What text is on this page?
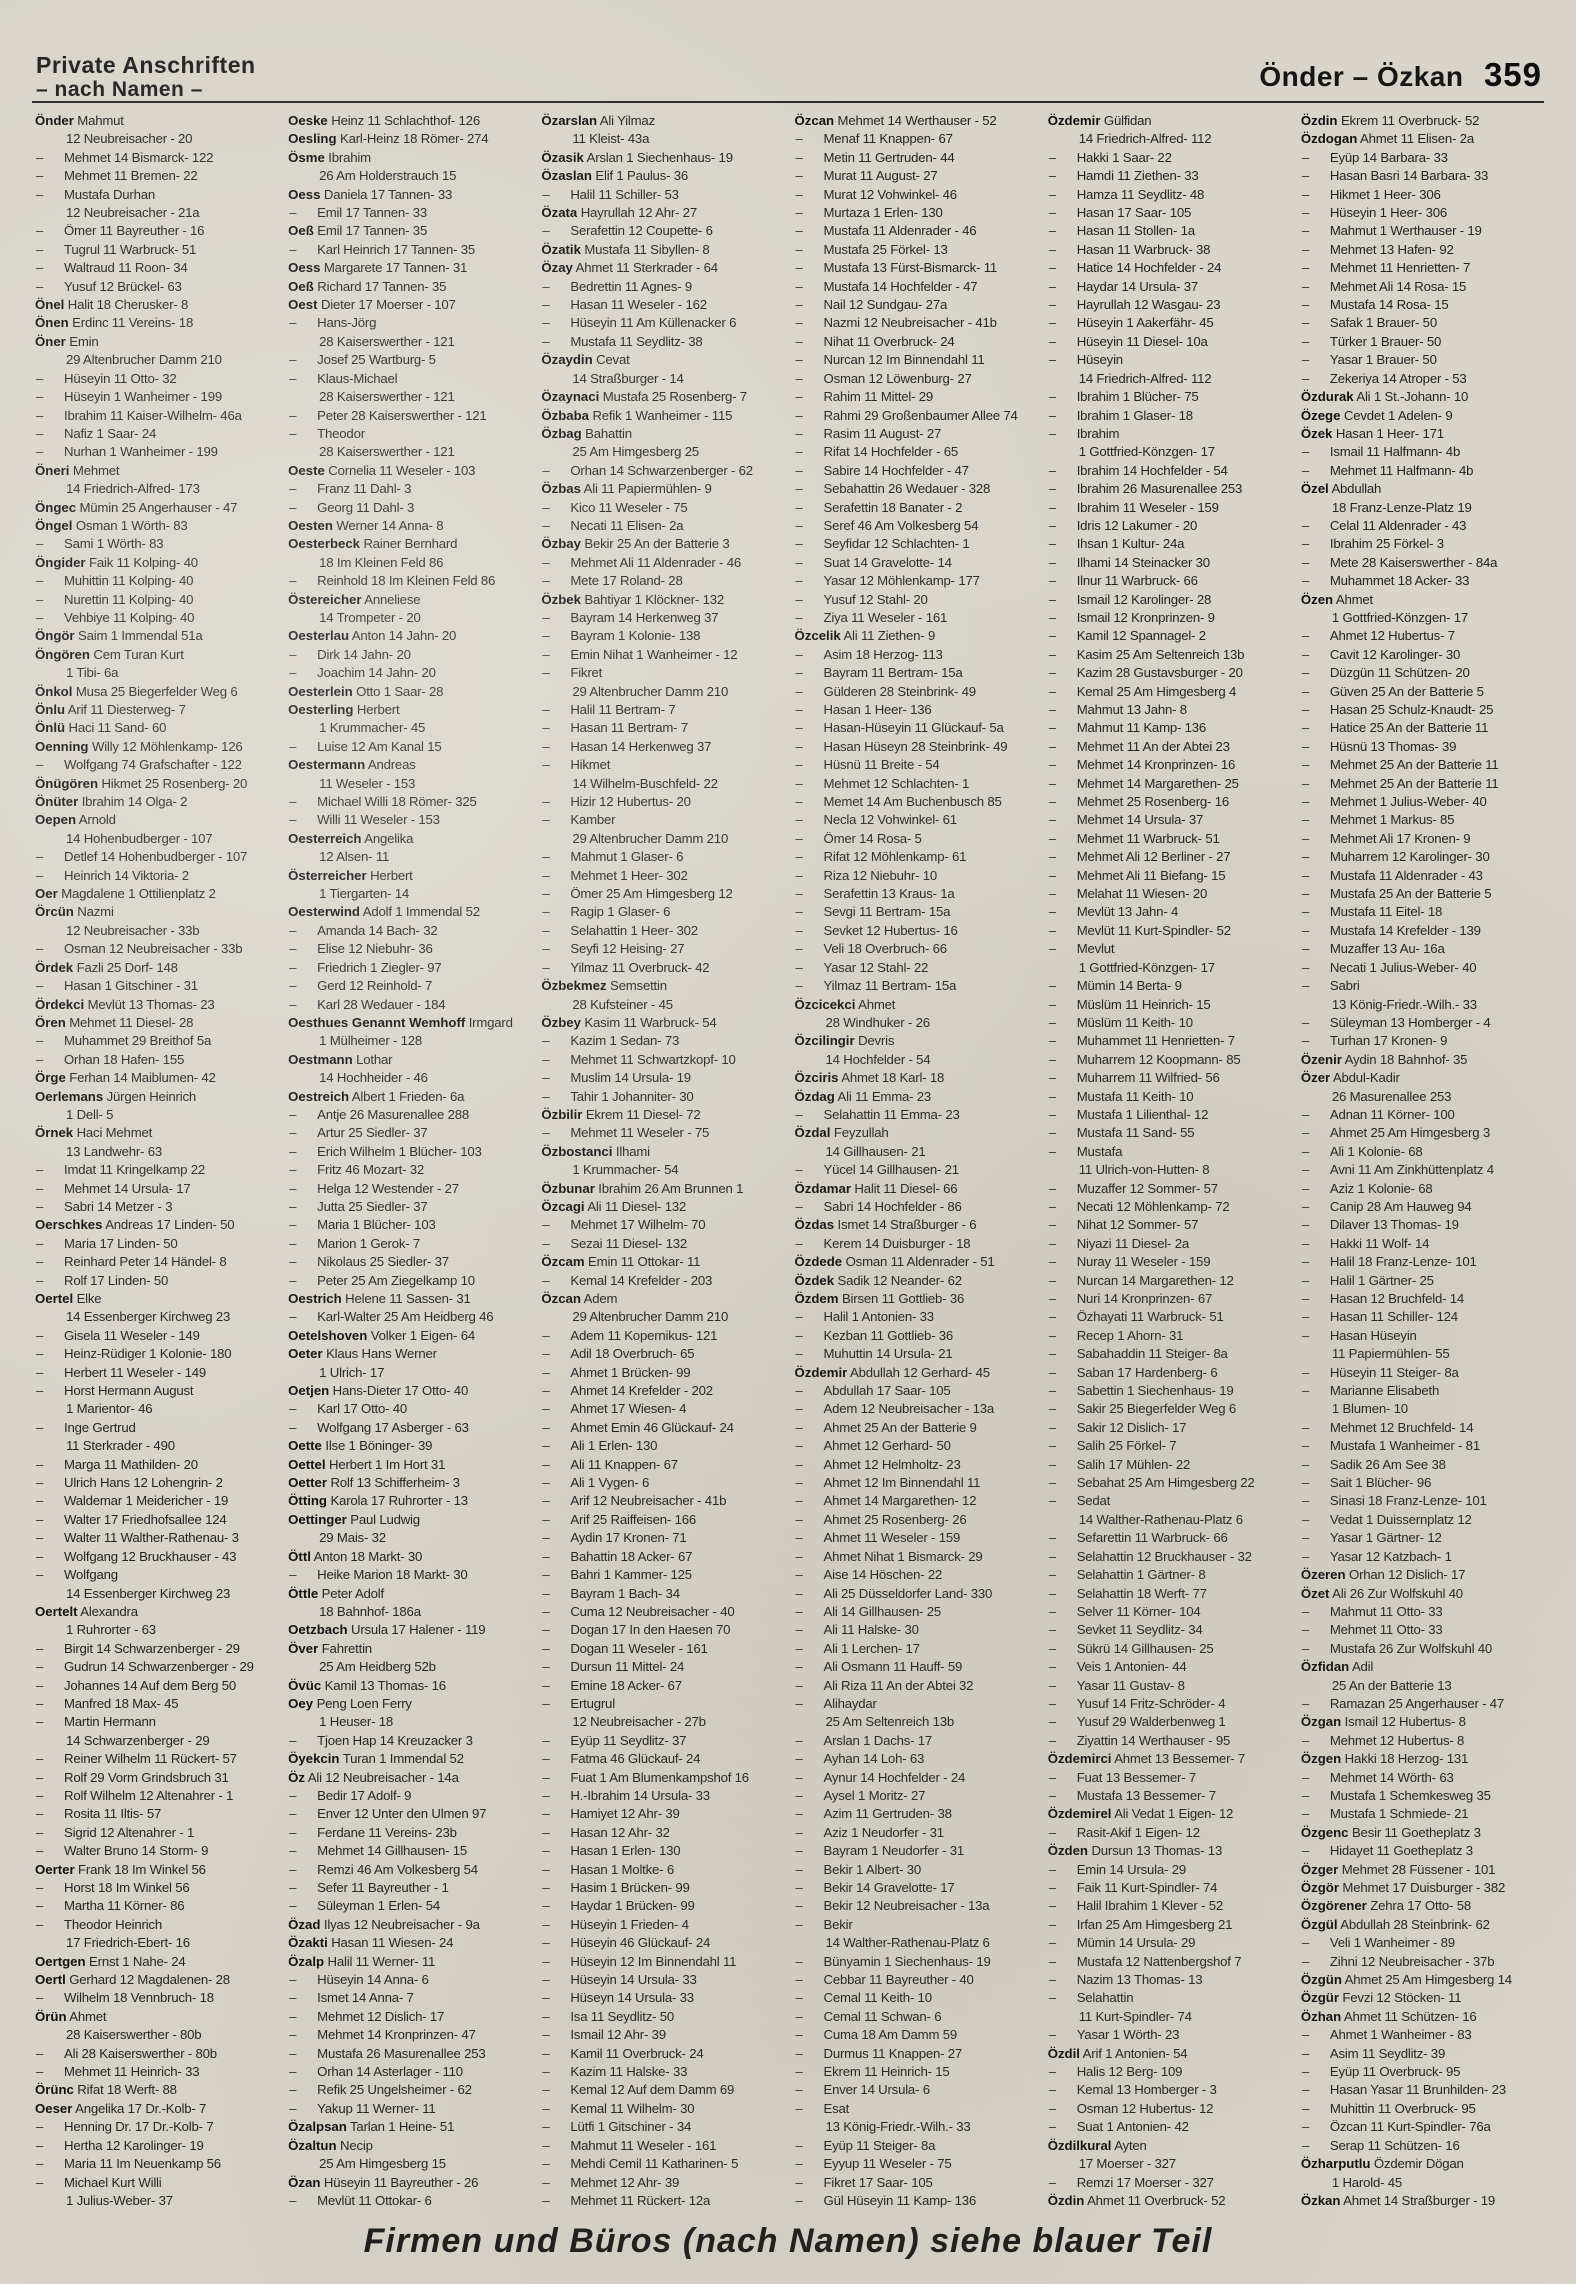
Private Anschriften
– nach Namen –	Önder – Özkan 359
Önder Mahmut
12 Neubreisacher - 20
– Mehmet 14 Bismarck- 122
– Mehmet 11 Bremen- 22
– Mustafa Durhan
12 Neubreisacher - 21a
– Ömer 11 Bayreuther - 16
– Tugrul 11 Warbruck- 51
– Waltraud 11 Roon- 34
– Yusuf 12 Brückel- 63
Önel Halit 18 Cherusker- 8
Önen Erdinc 11 Vereins- 18
Öner Emin
29 Altenbrucher Damm 210
– Hüseyin 11 Otto- 32
– Hüseyin 1 Wanheimer - 199
– Ibrahim 11 Kaiser-Wilhelm- 46a
– Nafiz 1 Saar- 24
– Nurhan 1 Wanheimer - 199
Öneri Mehmet
14 Friedrich-Alfred- 173
Öngec Mümin 25 Angerhauser - 47
Öngel Osman 1 Wörth- 83
– Sami 1 Wörth- 83
Öngider Faik 11 Kolping- 40
– Muhittin 11 Kolping- 40
– Nurettin 11 Kolping- 40
– Vehbiye 11 Kolping- 40
Öngör Saim 1 Immendal 51a
Öngören Cem Turan Kurt
1 Tibi- 6a
Önkol Musa 25 Biegerfelder Weg 6
Önlu Arif 11 Diesterweg- 7
Önlü Haci 11 Sand- 60
Oenning Willy 12 Möhlenkamp- 126
– Wolfgang 74 Grafschafter - 122
Önügören Hikmet 25 Rosenberg- 20
Önüter Ibrahim 14 Olga- 2
Oepen Arnold
14 Hohenbudberger - 107
– Detlef 14 Hohenbudberger - 107
– Heinrich 14 Viktoria- 2
Oer Magdalene 1 Ottilienplatz 2
Örcün Nazmi
12 Neubreisacher - 33b
– Osman 12 Neubreisacher - 33b
Ördek Fazli 25 Dorf- 148
– Hasan 1 Gitschiner - 31
Ördekci Mevlüt 13 Thomas- 23
Ören Mehmet 11 Diesel- 28
– Muhammet 29 Breithof 5a
– Orhan 18 Hafen- 155
Örge Ferhan 14 Maiblumen- 42
Oerlemans Jürgen Heinrich
1 Dell- 5
Örnek Haci Mehmet
13 Landwehr- 63
– Imdat 11 Kringelkamp 22
– Mehmet 14 Ursula- 17
– Sabri 14 Metzer - 3
Oerschkes Andreas 17 Linden- 50
– Maria 17 Linden- 50
– Reinhard Peter 14 Händel- 8
– Rolf 17 Linden- 50
Oertel Elke
14 Essenberger Kirchweg 23
– Gisela 11 Weseler - 149
– Heinz-Rüdiger 1 Kolonie- 180
– Herbert 11 Weseler - 149
– Horst Hermann August
1 Marientor- 46
– Inge Gertrud
11 Sterkrader - 490
– Marga 11 Mathilden- 20
– Ulrich Hans 12 Lohengrin- 2
– Waldemar 1 Meidericher - 19
– Walter 17 Friedhofsallee 124
– Walter 11 Walther-Rathenau- 3
– Wolfgang 12 Bruckhauser - 43
– Wolfgang
14 Essenberger Kirchweg 23
Oertelt Alexandra
1 Ruhrorter - 63
– Birgit 14 Schwarzenberger - 29
– Gudrun 14 Schwarzenberger - 29
– Johannes 14 Auf dem Berg 50
– Manfred 18 Max- 45
– Martin Hermann
14 Schwarzenberger - 29
– Reiner Wilhelm 11 Rückert- 57
– Rolf 29 Vorm Grindsbruch 31
– Rolf Wilhelm 12 Altenahrer - 1
– Rosita 11 Iltis- 57
– Sigrid 12 Altenahrer - 1
– Walter Bruno 14 Storm- 9
Oerter Frank 18 Im Winkel 56
– Horst 18 Im Winkel 56
– Martha 11 Körner- 86
– Theodor Heinrich
17 Friedrich-Ebert- 16
Oertgen Ernst 1 Nahe- 24
Oertl Gerhard 12 Magdalenen- 28
– Wilhelm 18 Vennbruch- 18
Örün Ahmet
28 Kaiserswerther - 80b
– Ali 28 Kaiserswerther - 80b
– Mehmet 11 Heinrich- 33
Örünc Rifat 18 Werft- 88
Oeser Angelika 17 Dr.-Kolb- 7
– Henning Dr. 17 Dr.-Kolb- 7
– Hertha 12 Karolinger- 19
– Maria 11 Im Neuenkamp 56
– Michael Kurt Willi
1 Julius-Weber- 37
Oeske Heinz 11 Schlachthof- 126
Oesling Karl-Heinz 18 Römer- 274
Ösme Ibrahim
26 Am Holderstrauch 15
Oess Daniela 17 Tannen- 33
– Emil 17 Tannen- 33
Oeß Emil 17 Tannen- 35
– Karl Heinrich 17 Tannen- 35
Oess Margarete 17 Tannen- 31
Oeß Richard 17 Tannen- 35
Oest Dieter 17 Moerser - 107
– Hans-Jörg
28 Kaiserswerther - 121
– Josef 25 Wartburg- 5
– Klaus-Michael
28 Kaiserswerther - 121
– Peter 28 Kaiserswerther - 121
– Theodor
28 Kaiserswerther - 121
Oeste Cornelia 11 Weseler - 103
– Franz 11 Dahl- 3
– Georg 11 Dahl- 3
Oesten Werner 14 Anna- 8
Oesterbeck Rainer Bernhard
18 Im Kleinen Feld 86
– Reinhold 18 Im Kleinen Feld 86
Östereicher Anneliese
14 Trompeter - 20
Oesterlau Anton 14 Jahn- 20
– Dirk 14 Jahn- 20
– Joachim 14 Jahn- 20
Oesterlein Otto 1 Saar- 28
Oesterling Herbert
1 Krummacher- 45
– Luise 12 Am Kanal 15
Oestermann Andreas
11 Weseler - 153
– Michael Willi 18 Römer- 325
– Willi 11 Weseler - 153
Oesterreich Angelika
12 Alsen- 11
Österreicher Herbert
1 Tiergarten- 14
Oesterwind Adolf 1 Immendal 52
– Amanda 14 Bach- 32
– Elise 12 Niebuhr- 36
– Friedrich 1 Ziegler- 97
– Gerd 12 Reinhold- 7
– Karl 28 Wedauer - 184
Oesthues Genannt Wemhoff Irmgard
1 Mülheimer - 128
Oestmann Lothar
14 Hochheider - 46
Oestreich Albert 1 Frieden- 6a
– Antje 26 Masurenallee 288
– Artur 25 Siedler- 37
– Erich Wilhelm 1 Blücher- 103
– Fritz 46 Mozart- 32
– Helga 12 Westender - 27
– Jutta 25 Siedler- 37
– Maria 1 Blücher- 103
– Marion 1 Gerok- 7
– Nikolaus 25 Siedler- 37
– Peter 25 Am Ziegelkamp 10
Oestrich Helene 11 Sassen- 31
– Karl-Walter 25 Am Heidberg 46
Oetelshoven Volker 1 Eigen- 64
Oeter Klaus Hans Werner
1 Ulrich- 17
Oetjen Hans-Dieter 17 Otto- 40
– Karl 17 Otto- 40
– Wolfgang 17 Asberger - 63
Oette Ilse 1 Böninger- 39
Oettel Herbert 1 Im Hort 31
Oetter Rolf 13 Schifferheim- 3
Ötting Karola 17 Ruhrorter - 13
Oettinger Paul Ludwig
29 Mais- 32
Öttl Anton 18 Markt- 30
– Heike Marion 18 Markt- 30
Öttle Peter Adolf
18 Bahnhof- 186a
Oetzbach Ursula 17 Halener - 119
Över Fahrettin
25 Am Heidberg 52b
Övüc Kamil 13 Thomas- 16
Oey Peng Loen Ferry
1 Heuser- 18
– Tjoen Hap 14 Kreuzacker 3
Öyekcin Turan 1 Immendal 52
Öz Ali 12 Neubreisacher - 14a
– Bedir 17 Adolf- 9
– Enver 12 Unter den Ulmen 97
– Ferdane 11 Vereins- 23b
– Mehmet 14 Gillhausen- 15
– Remzi 46 Am Volkesberg 54
– Sefer 11 Bayreuther - 1
– Süleyman 1 Erlen- 54
Özad Ilyas 12 Neubreisacher - 9a
Özakti Hasan 11 Wiesen- 24
Özalp Halil 11 Werner- 11
– Hüseyin 14 Anna- 6
– Ismet 14 Anna- 7
– Mehmet 12 Dislich- 17
– Mehmet 14 Kronprinzen- 47
– Mustafa 26 Masurenallee 253
– Orhan 14 Asterlager - 110
– Refik 25 Ungelsheimer - 62
– Yakup 11 Werner- 11
Özalpsan Tarlan 1 Heine- 51
Özaltun Necip
25 Am Himgesberg 15
Özan Hüseyin 11 Bayreuther - 26
– Mevlüt 11 Ottokar- 6
Özarslan Ali Yilmaz
11 Kleist- 43a
Özasik Arslan 1 Siechenhaus- 19
Özaslan Elif 1 Paulus- 36
– Halil 11 Schiller- 53
Özata Hayrullah 12 Ahr- 27
– Serafettin 12 Coupette- 6
Özatik Mustafa 11 Sibyllen- 8
Özay Ahmet 11 Sterkrader - 64
– Bedrettin 11 Agnes- 9
– Hasan 11 Weseler - 162
– Hüseyin 11 Am Küllenacker 6
– Mustafa 11 Seydlitz- 38
Özaydin Cevat
14 Straßburger - 14
Özaynaci Mustafa 25 Rosenberg- 7
Özbaba Refik 1 Wanheimer - 115
Özbag Bahattin
25 Am Himgesberg 25
– Orhan 14 Schwarzenberger - 62
Özbas Ali 11 Papiermühlen- 9
– Kico 11 Weseler - 75
– Necati 11 Elisen- 2a
Özbay Bekir 25 An der Batterie 3
– Mehmet Ali 11 Aldenrader - 46
– Mete 17 Roland- 28
Özbek Bahtiyar 1 Klöckner- 132
– Bayram 14 Herkenweg 37
– Bayram 1 Kolonie- 138
– Emin Nihat 1 Wanheimer - 12
– Fikret
29 Altenbrucher Damm 210
– Halil 11 Bertram- 7
– Hasan 11 Bertram- 7
– Hasan 14 Herkenweg 37
– Hikmet
14 Wilhelm-Buschfeld- 22
– Hizir 12 Hubertus- 20
– Kamber
29 Altenbrucher Damm 210
– Mahmut 1 Glaser- 6
– Mehmet 1 Heer- 302
– Ömer 25 Am Himgesberg 12
– Ragip 1 Glaser- 6
– Selahattin 1 Heer- 302
– Seyfi 12 Heising- 27
– Yilmaz 11 Overbruck- 42
Özbekmez Semsettin
28 Kufsteiner - 45
Özbey Kasim 11 Warbruck- 54
– Kazim 1 Sedan- 73
– Mehmet 11 Schwartzkopf- 10
– Muslim 14 Ursula- 19
– Tahir 1 Johanniter- 30
Özbilir Ekrem 11 Diesel- 72
– Mehmet 11 Weseler - 75
Özbostanci Ilhami
1 Krummacher- 54
Özbunar Ibrahim 26 Am Brunnen 1
Özcagi Ali 11 Diesel- 132
– Mehmet 17 Wilhelm- 70
– Sezai 11 Diesel- 132
Özcam Emin 11 Ottokar- 11
– Kemal 14 Krefelder - 203
Özcan Adem
29 Altenbrucher Damm 210
– Adem 11 Kopernikus- 121
– Adil 18 Overbruch- 65
– Ahmet 1 Brücken- 99
– Ahmet 14 Krefelder - 202
– Ahmet 17 Wiesen- 4
– Ahmet Emin 46 Glückauf- 24
– Ali 1 Erlen- 130
– Ali 11 Knappen- 67
– Ali 1 Vygen- 6
– Arif 12 Neubreisacher - 41b
– Arif 25 Raiffeisen- 166
– Aydin 17 Kronen- 71
– Bahattin 18 Acker- 67
– Bahri 1 Kammer- 125
– Bayram 1 Bach- 34
– Cuma 12 Neubreisacher - 40
– Dogan 17 In den Haesen 70
– Dogan 11 Weseler - 161
– Dursun 11 Mittel- 24
– Emine 18 Acker- 67
– Ertugrul
12 Neubreisacher - 27b
– Eyüp 11 Seydlitz- 37
– Fatma 46 Glückauf- 24
– Fuat 1 Am Blumenkampshof 16
– H.-Ibrahim 14 Ursula- 33
– Hamiyet 12 Ahr- 39
– Hasan 12 Ahr- 32
– Hasan 1 Erlen- 130
– Hasan 1 Moltke- 6
– Hasim 1 Brücken- 99
– Haydar 1 Brücken- 99
– Hüseyin 1 Frieden- 4
– Hüseyin 46 Glückauf- 24
– Hüseyin 12 Im Binnendahl 11
– Hüseyin 14 Ursula- 33
– Hüseyn 14 Ursula- 33
– Isa 11 Seydlitz- 50
– Ismail 12 Ahr- 39
– Kamil 11 Overbruck- 24
– Kazim 11 Halske- 33
– Kemal 12 Auf dem Damm 69
– Kemal 11 Wilhelm- 30
– Lütfi 1 Gitschiner - 34
– Mahmut 11 Weseler - 161
– Mehdi Cemil 11 Katharinen- 5
– Mehmet 12 Ahr- 39
– Mehmet 11 Rückert- 12a
Özcan Mehmet 14 Werthauser - 52
– Menaf 11 Knappen- 67
– Metin 11 Gertruden- 44
– Murat 11 August- 27
– Murat 12 Vohwinkel- 46
– Murtaza 1 Erlen- 130
– Mustafa 11 Aldenrader - 46
– Mustafa 25 Förkel- 13
– Mustafa 13 Fürst-Bismarck- 11
– Mustafa 14 Hochfelder - 47
– Nail 12 Sundgau- 27a
– Nazmi 12 Neubreisacher - 41b
– Nihat 11 Overbruck- 24
– Nurcan 12 Im Binnendahl 11
– Osman 12 Löwenburg- 27
– Rahim 11 Mittel- 29
– Rahmi 29 Großenbaumer Allee 74
– Rasim 11 August- 27
– Rifat 14 Hochfelder - 65
– Sabire 14 Hochfelder - 47
– Sebahattin 26 Wedauer - 328
– Serafettin 18 Banater - 2
– Seref 46 Am Volkesberg 54
– Seyfidar 12 Schlachten- 1
– Suat 14 Gravelotte- 14
– Yasar 12 Möhlenkamp- 177
– Yusuf 12 Stahl- 20
– Ziya 11 Weseler - 161
Özcelik Ali 11 Ziethen- 9
– Asim 18 Herzog- 113
– Bayram 11 Bertram- 15a
– Gülderen 28 Steinbrink- 49
– Hasan 1 Heer- 136
– Hasan-Hüseyin 11 Glückauf- 5a
– Hasan Hüseyn 28 Steinbrink- 49
– Hüsnü 11 Breite - 54
– Mehmet 12 Schlachten- 1
– Memet 14 Am Buchenbusch 85
– Necla 12 Vohwinkel- 61
– Ömer 14 Rosa- 5
– Rifat 12 Möhlenkamp- 61
– Riza 12 Niebuhr- 10
– Serafettin 13 Kraus- 1a
– Sevgi 11 Bertram- 15a
– Sevket 12 Hubertus- 16
– Veli 18 Overbruch- 66
– Yasar 12 Stahl- 22
– Yilmaz 11 Bertram- 15a
Özcicekci Ahmet
28 Windhuker - 26
Özcilingir Devris
14 Hochfelder - 54
Özciris Ahmet 18 Karl- 18
Özdag Ali 11 Emma- 23
– Selahattin 11 Emma- 23
Özdal Feyzullah
14 Gillhausen- 21
– Yücel 14 Gillhausen- 21
Özdamar Halit 11 Diesel- 66
– Sabri 14 Hochfelder - 86
Özdas Ismet 14 Straßburger - 6
– Kerem 14 Duisburger - 18
Özdede Osman 11 Aldenrader - 51
Özdek Sadik 12 Neander- 62
Özdem Birsen 11 Gottlieb- 36
– Halil 1 Antonien- 33
– Kezban 11 Gottlieb- 36
– Muhuttin 14 Ursula- 21
Özdemir Abdullah 12 Gerhard- 45
– Abdullah 17 Saar- 105
– Adem 12 Neubreisacher - 13a
– Ahmet 25 An der Batterie 9
– Ahmet 12 Gerhard- 50
– Ahmet 12 Helmholtz- 23
– Ahmet 12 Im Binnendahl 11
– Ahmet 14 Margarethen- 12
– Ahmet 25 Rosenberg- 26
– Ahmet 11 Weseler - 159
– Ahmet Nihat 1 Bismarck- 29
– Aise 14 Höschen- 22
– Ali 25 Düsseldorfer Land- 330
– Ali 14 Gillhausen- 25
– Ali 11 Halske- 30
– Ali 1 Lerchen- 17
– Ali Osmann 11 Hauff- 59
– Ali Riza 11 An der Abtei 32
– Alihaydar
25 Am Seltenreich 13b
– Arslan 1 Dachs- 17
– Ayhan 14 Loh- 63
– Aynur 14 Hochfelder - 24
– Aysel 1 Moritz- 27
– Azim 11 Gertruden- 38
– Aziz 1 Neudorfer - 31
– Bayram 1 Neudorfer - 31
– Bekir 1 Albert- 30
– Bekir 14 Gravelotte- 17
– Bekir 12 Neubreisacher - 13a
– Bekir
14 Walther-Rathenau-Platz 6
– Bünyamin 1 Siechenhaus- 19
– Cebbar 11 Bayreuther - 40
– Cemal 11 Keith- 10
– Cemal 11 Schwan- 6
– Cuma 18 Am Damm 59
– Durmus 11 Knappen- 27
– Ekrem 11 Heinrich- 15
– Enver 14 Ursula- 6
– Esat
13 König-Friedr.-Wilh.- 33
– Eyüp 11 Steiger- 8a
– Eyyup 11 Weseler - 75
– Fikret 17 Saar- 105
– Gül Hüseyin 11 Kamp- 136
Özdemir Gülfidan
14 Friedrich-Alfred- 112
– Hakki 1 Saar- 22
– Hamdi 11 Ziethen- 33
– Hamza 11 Seydlitz- 48
– Hasan 17 Saar- 105
– Hasan 11 Stollen- 1a
– Hasan 11 Warbruck- 38
– Hatice 14 Hochfelder - 24
– Haydar 14 Ursula- 37
– Hayrullah 12 Wasgau- 23
– Hüseyin 1 Aakerfähr- 45
– Hüseyin 11 Diesel- 10a
– Hüseyin
14 Friedrich-Alfred- 112
– Ibrahim 1 Blücher- 75
– Ibrahim 1 Glaser- 18
– Ibrahim
1 Gottfried-Könzgen- 17
– Ibrahim 14 Hochfelder - 54
– Ibrahim 26 Masurenallee 253
– Ibrahim 11 Weseler - 159
– Idris 12 Lakumer - 20
– Ihsan 1 Kultur- 24a
– Ilhami 14 Steinacker 30
– Ilnur 11 Warbruck- 66
– Ismail 12 Karolinger- 28
– Ismail 12 Kronprinzen- 9
– Kamil 12 Spannagel- 2
– Kasim 25 Am Seltenreich 13b
– Kazim 28 Gustavsburger - 20
– Kemal 25 Am Himgesberg 4
– Mahmut 13 Jahn- 8
– Mahmut 11 Kamp- 136
– Mehmet 11 An der Abtei 23
– Mehmet 14 Kronprinzen- 16
– Mehmet 14 Margarethen- 25
– Mehmet 25 Rosenberg- 16
– Mehmet 14 Ursula- 37
– Mehmet 11 Warbruck- 51
– Mehmet Ali 12 Berliner - 27
– Mehmet Ali 11 Biefang- 15
– Melahat 11 Wiesen- 20
– Mevlüt 13 Jahn- 4
– Mevlüt 11 Kurt-Spindler- 52
– Mevlut
1 Gottfried-Könzgen- 17
– Mümin 14 Berta- 9
– Müslüm 11 Heinrich- 15
– Müslüm 11 Keith- 10
– Muhammet 11 Henrietten- 7
– Muharrem 12 Koopmann- 85
– Muharrem 11 Wilfried- 56
– Mustafa 11 Keith- 10
– Mustafa 1 Lilienthal- 12
– Mustafa 11 Sand- 55
– Mustafa
11 Ulrich-von-Hutten- 8
– Muzaffer 12 Sommer- 57
– Necati 12 Möhlenkamp- 72
– Nihat 12 Sommer- 57
– Niyazi 11 Diesel- 2a
– Nuray 11 Weseler - 159
– Nurcan 14 Margarethen- 12
– Nuri 14 Kronprinzen- 67
– Özhayati 11 Warbruck- 51
– Recep 1 Ahorn- 31
– Sabahaddin 11 Steiger- 8a
– Saban 17 Hardenberg- 6
– Sabettin 1 Siechenhaus- 19
– Sakir 25 Biegerfelder Weg 6
– Sakir 12 Dislich- 17
– Salih 25 Förkel- 7
– Salih 17 Mühlen- 22
– Sebahat 25 Am Himgesberg 22
– Sedat
14 Walther-Rathenau-Platz 6
– Sefarettin 11 Warbruck- 66
– Selahattin 12 Bruckhauser - 32
– Selahattin 1 Gärtner- 8
– Selahattin 18 Werft- 77
– Selver 11 Körner- 104
– Sevket 11 Seydlitz- 34
– Sükrü 14 Gillhausen- 25
– Veis 1 Antonien- 44
– Yasar 11 Gustav- 8
– Yusuf 14 Fritz-Schröder- 4
– Yusuf 29 Walderbenweg 1
– Ziyattin 14 Werthauser - 95
Özdemirci Ahmet 13 Bessemer- 7
– Fuat 13 Bessemer- 7
– Mustafa 13 Bessemer- 7
Özdemirel Ali Vedat 1 Eigen- 12
– Rasit-Akif 1 Eigen- 12
Özden Dursun 13 Thomas- 13
– Emin 14 Ursula- 29
– Faik 11 Kurt-Spindler- 74
– Halil Ibrahim 1 Klever - 52
– Irfan 25 Am Himgesberg 21
– Mümin 14 Ursula- 29
– Mustafa 12 Nattenbergshof 7
– Nazim 13 Thomas- 13
– Selahattin
11 Kurt-Spindler- 74
– Yasar 1 Wörth- 23
Özdil Arif 1 Antonien- 54
– Halis 12 Berg- 109
– Kemal 13 Homberger - 3
– Osman 12 Hubertus- 12
– Suat 1 Antonien- 42
Özdilkural Ayten
17 Moerser - 327
– Remzi 17 Moerser - 327
Özdin Ahmet 11 Overbruck- 52
Özdin Ekrem 11 Overbruck- 52
Özdogan Ahmet 11 Elisen- 2a
– Eyüp 14 Barbara- 33
– Hasan Basri 14 Barbara- 33
– Hikmet 1 Heer- 306
– Hüseyin 1 Heer- 306
– Mahmut 1 Werthauser - 19
– Mehmet 13 Hafen- 92
– Mehmet 11 Henrietten- 7
– Mehmet Ali 14 Rosa- 15
– Mustafa 14 Rosa- 15
– Safak 1 Brauer- 50
– Türker 1 Brauer- 50
– Yasar 1 Brauer- 50
– Zekeriya 14 Atroper - 53
Özdurak Ali 1 St.-Johann- 10
Özege Cevdet 1 Adelen- 9
Özek Hasan 1 Heer- 171
– Ismail 11 Halfmann- 4b
– Mehmet 11 Halfmann- 4b
Özel Abdullah
18 Franz-Lenze-Platz 19
– Celal 11 Aldenrader - 43
– Ibrahim 25 Förkel- 3
– Mete 28 Kaiserswerther - 84a
– Muhammet 18 Acker- 33
Özen Ahmet
1 Gottfried-Könzgen- 17
– Ahmet 12 Hubertus- 7
– Cavit 12 Karolinger- 30
– Düzgün 11 Schützen- 20
– Güven 25 An der Batterie 5
– Hasan 25 Schulz-Knaudt- 25
– Hatice 25 An der Batterie 11
– Hüsnü 13 Thomas- 39
– Mehmet 25 An der Batterie 11
– Mehmet 25 An der Batterie 11
– Mehmet 1 Julius-Weber- 40
– Mehmet 1 Markus- 85
– Mehmet Ali 17 Kronen- 9
– Muharrem 12 Karolinger- 30
– Mustafa 11 Aldenrader - 43
– Mustafa 25 An der Batterie 5
– Mustafa 11 Eitel- 18
– Mustafa 14 Krefelder - 139
– Muzaffer 13 Au- 16a
– Necati 1 Julius-Weber- 40
– Sabri
13 König-Friedr.-Wilh.- 33
– Süleyman 13 Homberger - 4
– Turhan 17 Kronen- 9
Özenir Aydin 18 Bahnhof- 35
Özer Abdul-Kadir
26 Masurenallee 253
– Adnan 11 Körner- 100
– Ahmet 25 Am Himgesberg 3
– Ali 1 Kolonie- 68
– Avni 11 Am Zinkhüttenplatz 4
– Aziz 1 Kolonie- 68
– Canip 28 Am Hauweg 94
– Dilaver 13 Thomas- 19
– Hakki 11 Wolf- 14
– Halil 18 Franz-Lenze- 101
– Halil 1 Gärtner- 25
– Hasan 12 Bruchfeld- 14
– Hasan 11 Schiller- 124
– Hasan Hüseyin
11 Papiermühlen- 55
– Hüseyin 11 Steiger- 8a
– Marianne Elisabeth
1 Blumen- 10
– Mehmet 12 Bruchfeld- 14
– Mustafa 1 Wanheimer - 81
– Sadik 26 Am See 38
– Sait 1 Blücher- 96
– Sinasi 18 Franz-Lenze- 101
– Vedat 1 Duissernplatz 12
– Yasar 1 Gärtner- 12
– Yasar 12 Katzbach- 1
Özeren Orhan 12 Dislich- 17
Özet Ali 26 Zur Wolfskuhl 40
– Mahmut 11 Otto- 33
– Mehmet 11 Otto- 33
– Mustafa 26 Zur Wolfskuhl 40
Özfidan Adil
25 An der Batterie 13
– Ramazan 25 Angerhauser - 47
Özgan Ismail 12 Hubertus- 8
– Mehmet 12 Hubertus- 8
Özgen Hakki 18 Herzog- 131
– Mehmet 14 Wörth- 63
– Mustafa 1 Schemkesweg 35
– Mustafa 1 Schmiede- 21
Özgenc Besir 11 Goetheplatz 3
– Hidayet 11 Goetheplatz 3
Özger Mehmet 28 Füssener - 101
Özgör Mehmet 17 Duisburger - 382
Özgörener Zehra 17 Otto- 58
Özgül Abdullah 28 Steinbrink- 62
– Veli 1 Wanheimer - 89
– Zihni 12 Neubreisacher - 37b
Özgün Ahmet 25 Am Himgesberg 14
Özgür Fevzi 12 Stöcken- 11
Özhan Ahmet 11 Schützen- 16
– Ahmet 1 Wanheimer - 83
– Asim 11 Seydlitz- 39
– Eyüp 11 Overbruck- 95
– Hasan Yasar 11 Brunhilden- 23
– Muhittin 11 Overbruck- 95
– Özcan 11 Kurt-Spindler- 76a
– Serap 11 Schützen- 16
Özharputlu Özdemir Dögan
1 Harold- 45
Özkan Ahmet 14 Straßburger - 19
Firmen und Büros (nach Namen) siehe blauer Teil
